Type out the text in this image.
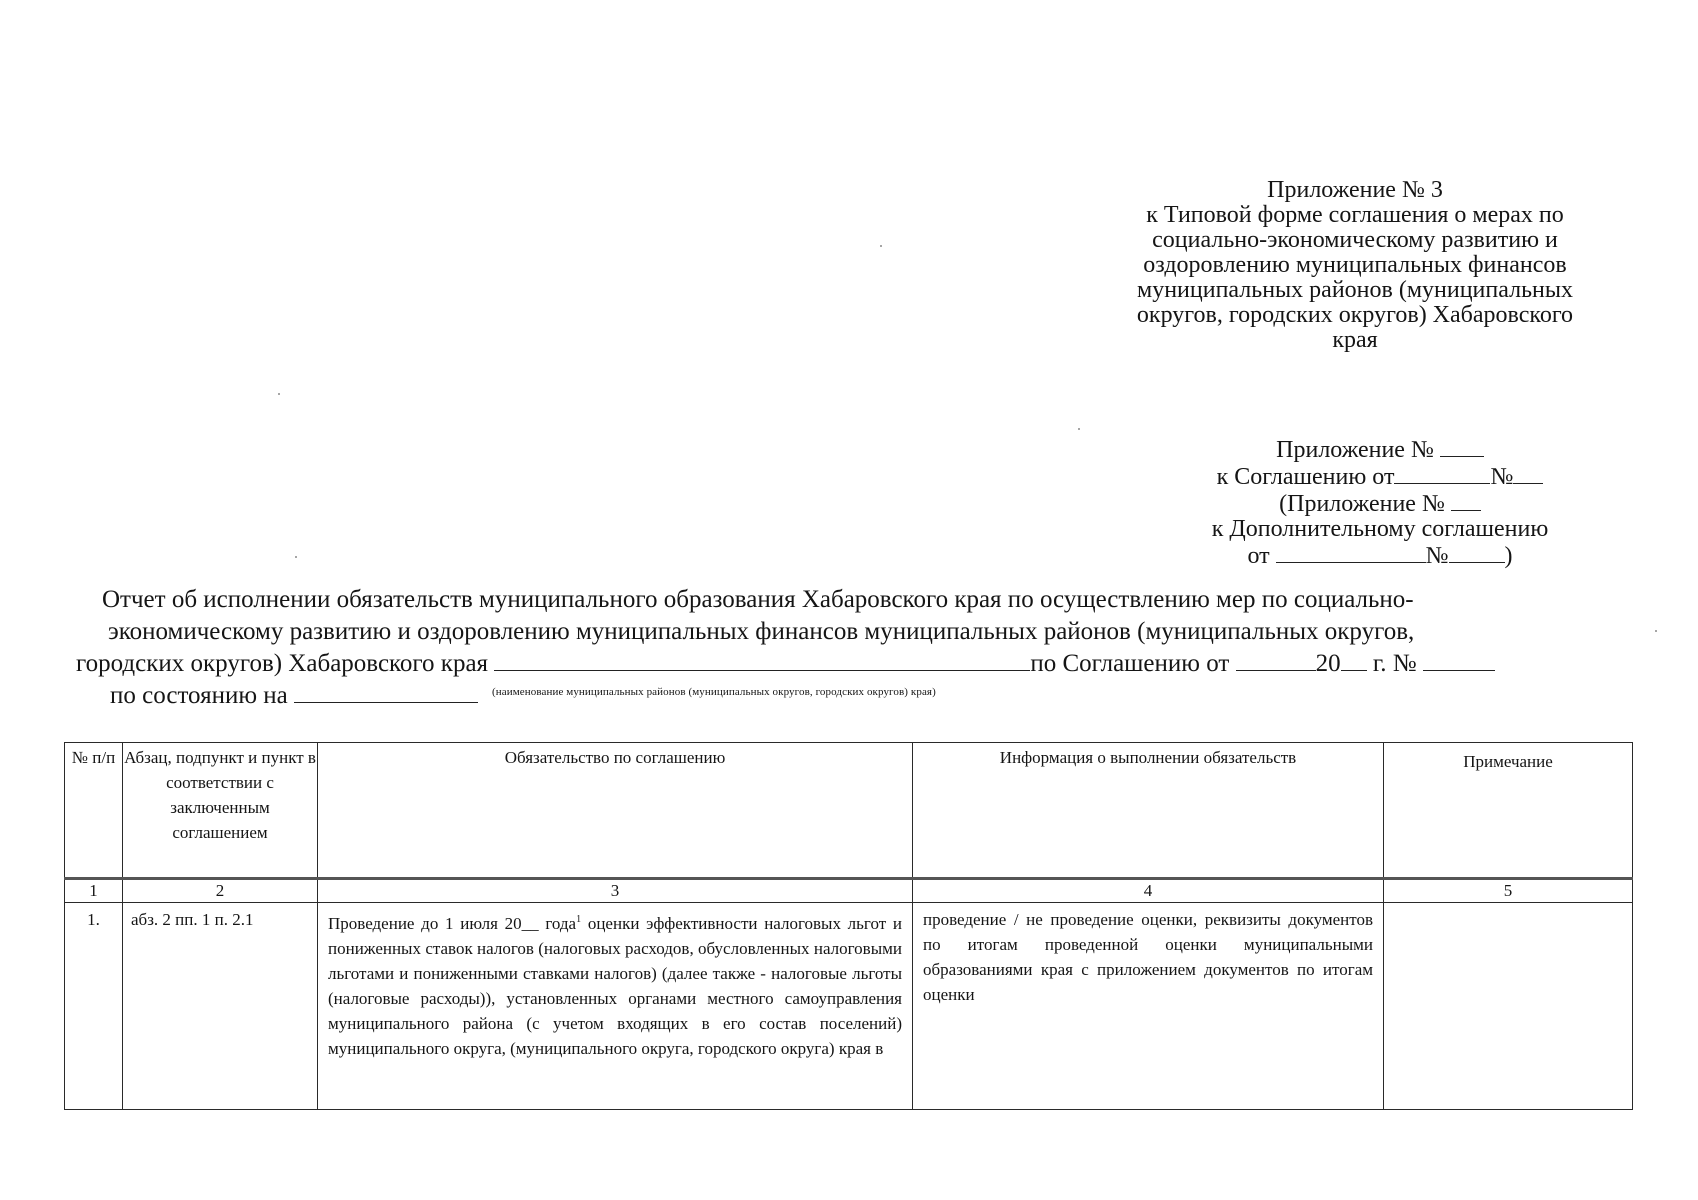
Приложение № 3
к Типовой форме соглашения о мерах по
социально-экономическому развитию и
оздоровлению муниципальных финансов
муниципальных районов (муниципальных
округов, городских округов) Хабаровского
края
Приложение №
к Соглашению от	№
(Приложение №
к Дополнительному соглашению
от	№ )
Отчет об исполнении обязательств муниципального образования Хабаровского края по осуществлению мер по социально-
экономическому развитию и оздоровлению муниципальных финансов муниципальных районов (муниципальных округов,
городских округов) Хабаровского края	по Соглашению от	20 г. №
по состоянию на	(наименование муниципальных районов (муниципальных округов, городских округов) края)
№ п/п	Абзац, подпункт и пункт в соответствии с заключенным соглашением	Обязательство по соглашению	Информация о выполнении обязательств	Примечание
1	2	3	4	5
1.	абз. 2 пп. 1 п. 2.1	Проведение до 1 июля 20__ года$^1$ оценки эффективности налоговых льгот и пониженных ставок налогов (налоговых расходов, обусловленных налоговыми льготами и пониженными ставками налогов) (далее также - налоговые льготы (налоговые расходы)), установленных органами местного самоуправления муниципального района (с учетом входящих в его состав поселений) муниципального округа, (муниципального округа, городского округа) края в	проведение / не проведение оценки, реквизиты документов по итогам проведенной оценки муниципальными образованиями края с приложением документов по итогам оценки	
